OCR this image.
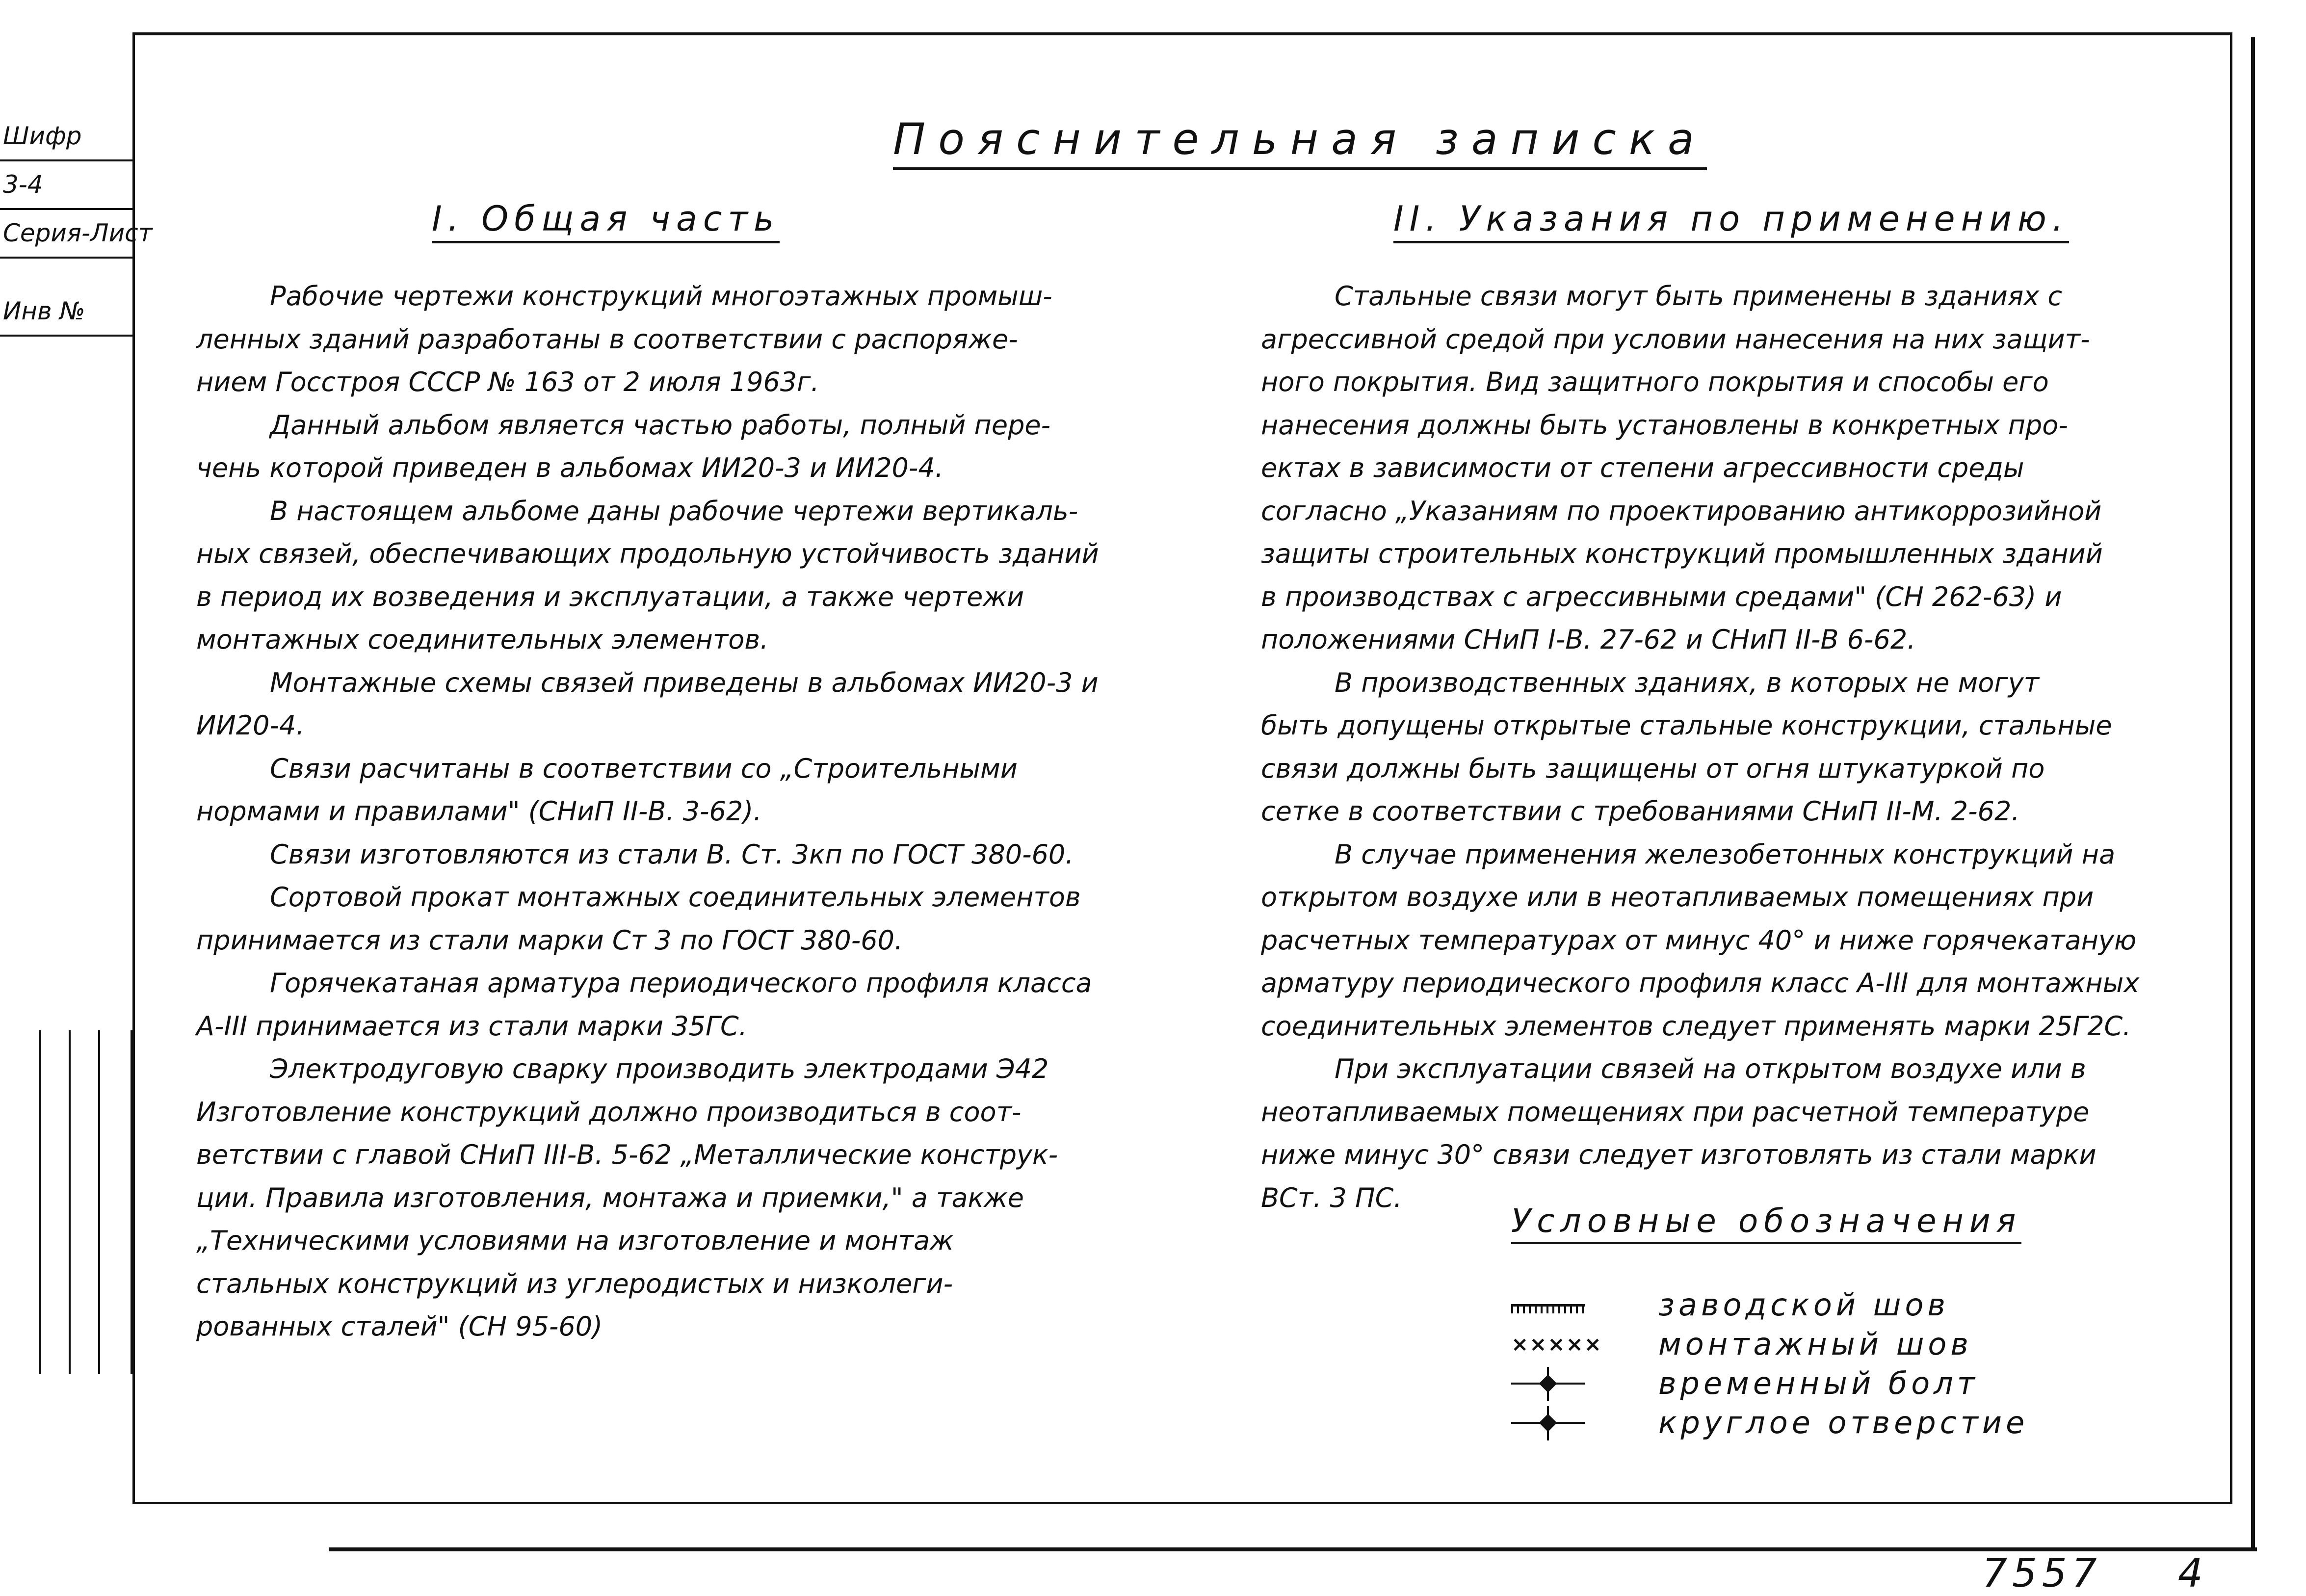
Шифр
3-4
Серия-Лист
Инв №
Пояснительная записка
I. Общая часть	II. Указания по применению.
Рабочие чертежи конструкций многоэтажных промыш-
ленных зданий разработаны в соответствии с распоряже-
нием Госстроя СССР № 163 от 2 июля 1963г.
Данный альбом является частью работы, полный пере-
чень которой приведен в альбомах ИИ20-3 и ИИ20-4.
В настоящем альбоме даны рабочие чертежи вертикаль-
ных связей, обеспечивающих продольную устойчивость зданий
в период их возведения и эксплуатации, а также чертежи
монтажных соединительных элементов.
Монтажные схемы связей приведены в альбомах ИИ20-3 и
ИИ20-4.
Связи расчитаны в соответствии со „Строительными
нормами и правилами" (СНиП II-В. 3-62).
Связи изготовляются из стали В. Ст. 3кп по ГОСТ 380-60.
Сортовой прокат монтажных соединительных элементов
принимается из стали марки Ст 3 по ГОСТ 380-60.
Горячекатаная арматура периодического профиля класса
А-III принимается из стали марки 35ГС.
Электродуговую сварку производить электродами Э42
Изготовление конструкций должно производиться в соот-
ветствии с главой СНиП III-В. 5-62 „Металлические конструк-
ции. Правила изготовления, монтажа и приемки," а также
„Техническими условиями на изготовление и монтаж
стальных конструкций из углеродистых и низколеги-
рованных сталей" (СН 95-60)
Стальные связи могут быть применены в зданиях с
агрессивной средой при условии нанесения на них защит-
ного покрытия. Вид защитного покрытия и способы его
нанесения должны быть установлены в конкретных про-
ектах в зависимости от степени агрессивности среды
согласно „Указаниям по проектированию антикоррозийной
защиты строительных конструкций промышленных зданий
в производствах с агрессивными средами" (СН 262-63) и
положениями СНиП I-В. 27-62 и СНиП II-В 6-62.
В производственных зданиях, в которых не могут
быть допущены открытые стальные конструкции, стальные
связи должны быть защищены от огня штукатуркой по
сетке в соответствии с требованиями СНиП II-М. 2-62.
В случае применения железобетонных конструкций на
открытом воздухе или в неотапливаемых помещениях при
расчетных температурах от минус 40° и ниже горячекатаную
арматуру периодического профиля класс А-III для монтажных
соединительных элементов следует применять марки 25Г2С.
При эксплуатации связей на открытом воздухе или в
неотапливаемых помещениях при расчетной температуре
ниже минус 30° связи следует изготовлять из стали марки
ВСт. 3 ПС.
Условные обозначения
заводской шов
××××× монтажный шов
временный болт
круглое отверстие
7557 4
